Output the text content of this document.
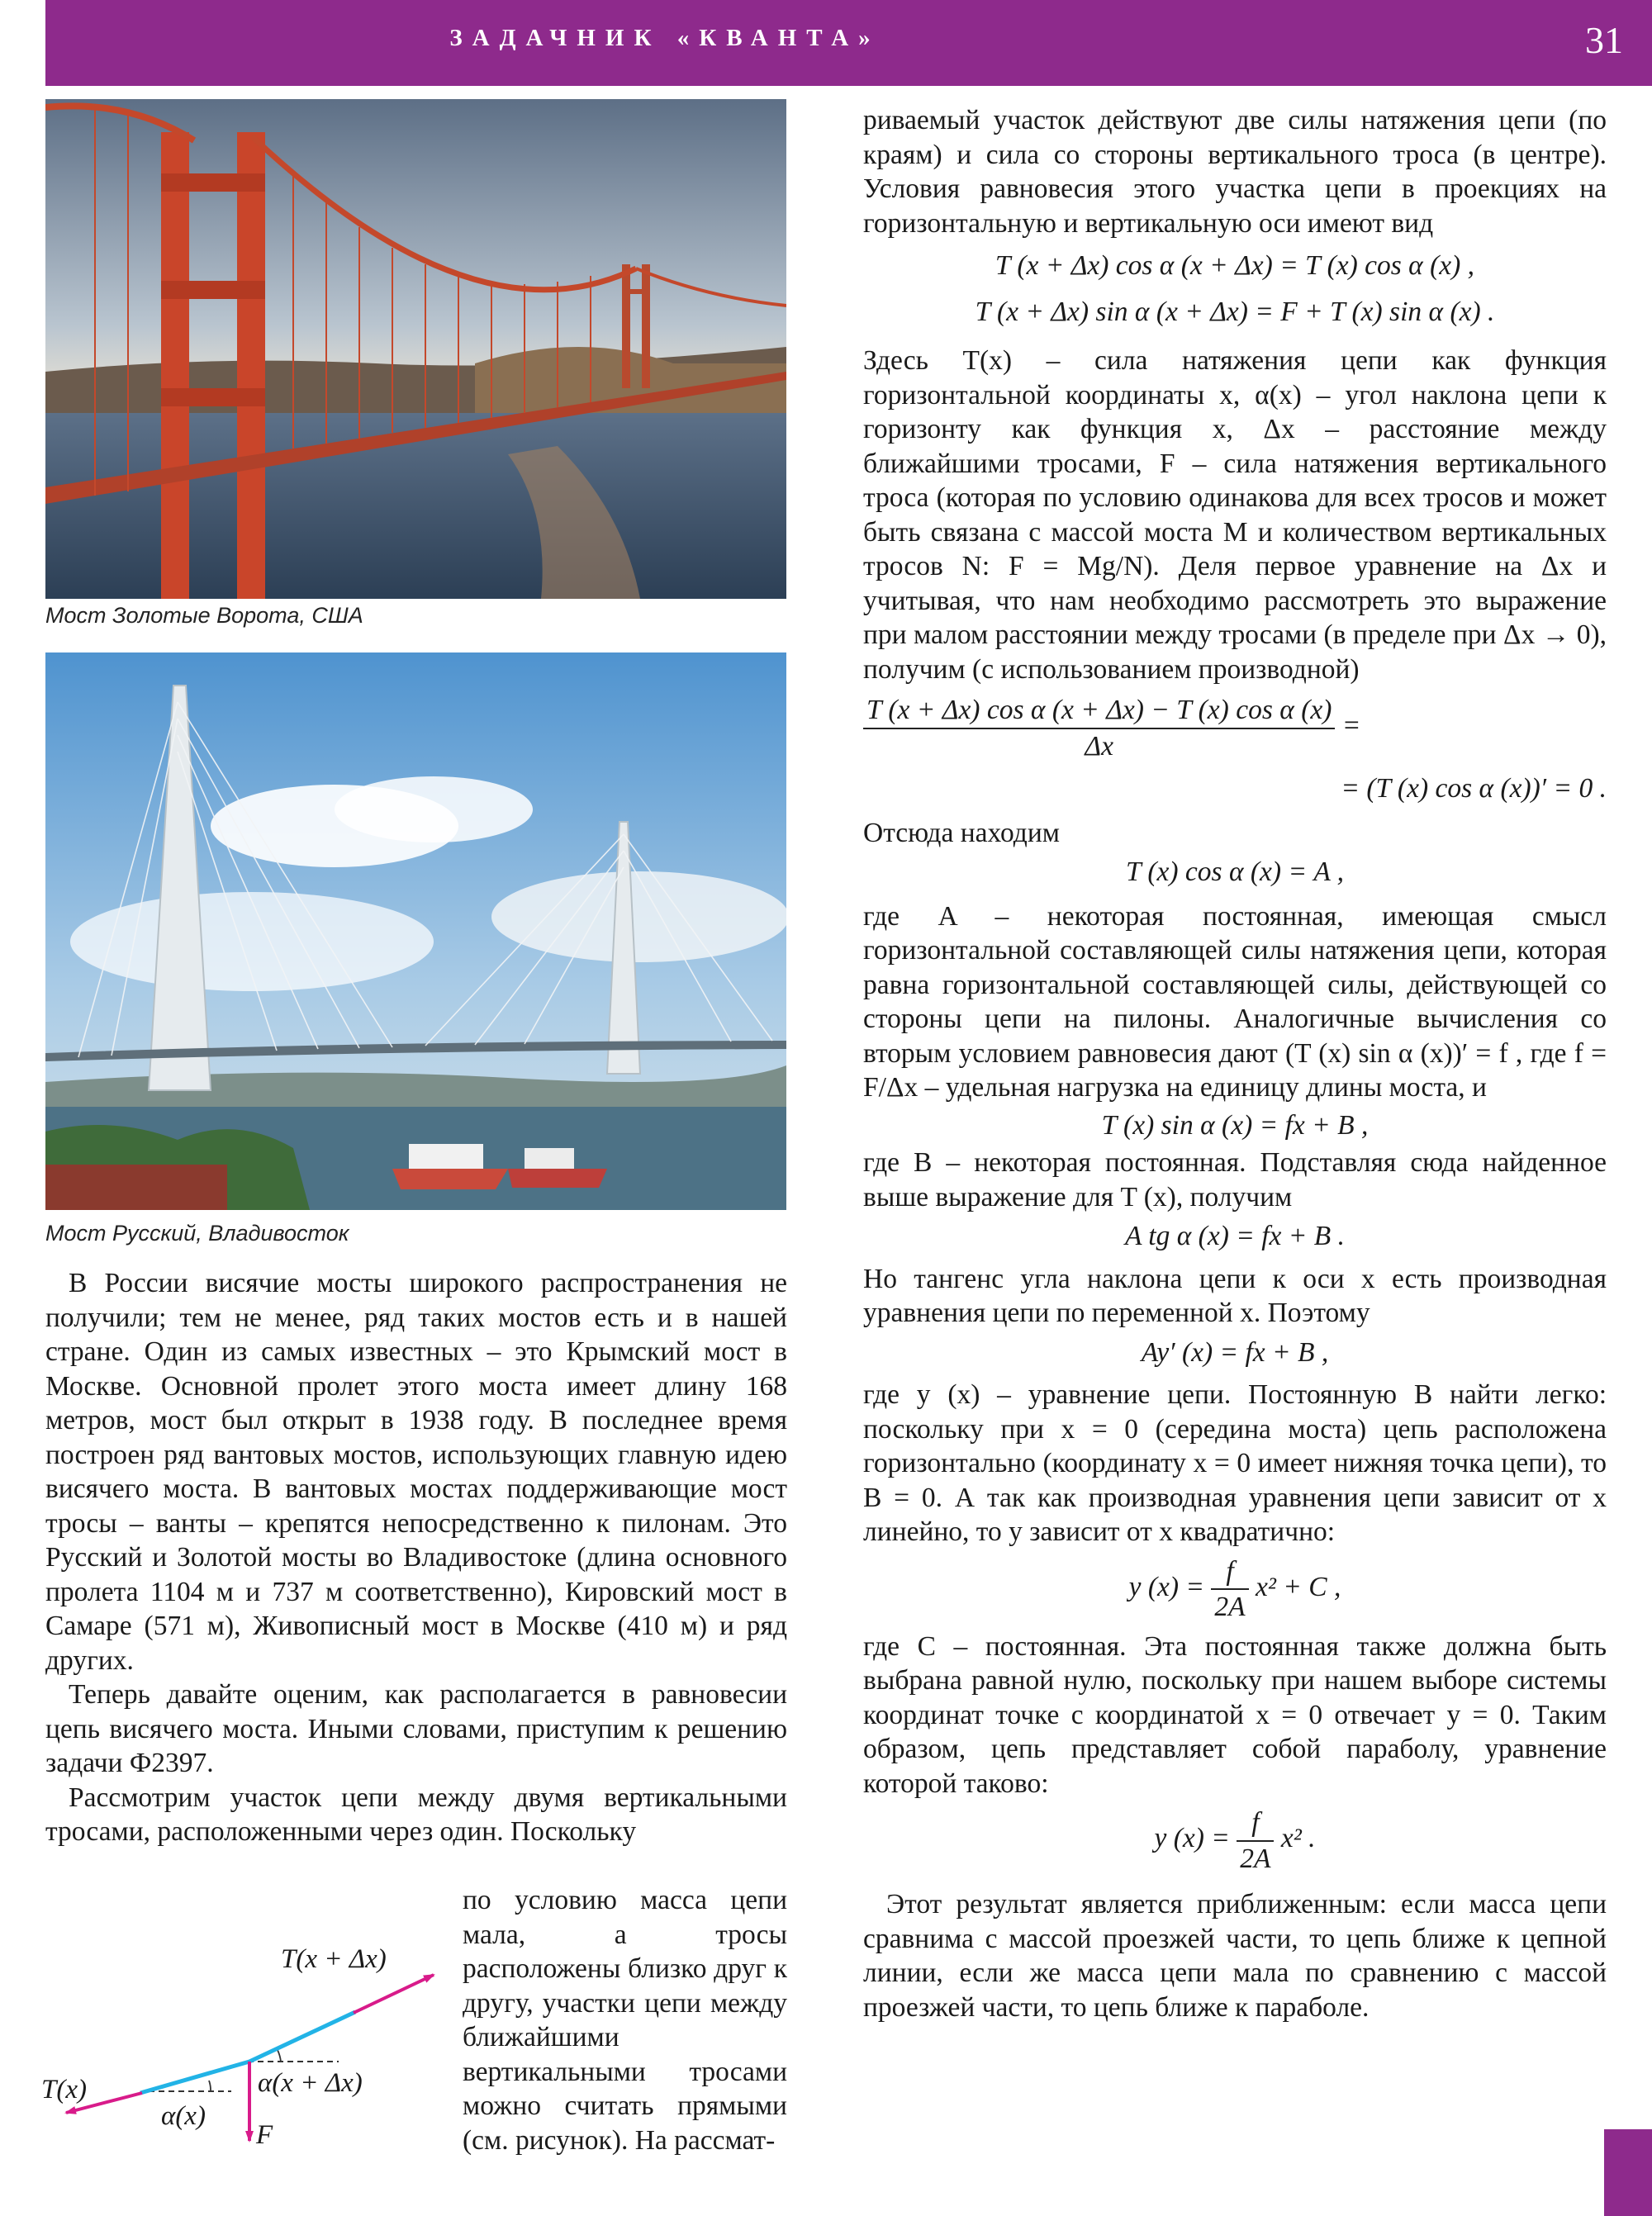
ЗАДАЧНИК «КВАНТА»	31
Мост Золотые Ворота, США
Мост Русский, Владивосток

В России висячие мосты широкого распространения не получили; тем не менее, ряд таких мостов есть и в нашей стране. Один из самых известных – это Крымский мост в Москве. Основной пролет этого моста имеет длину 168 метров, мост был открыт в 1938 году. В последнее время построен ряд вантовых мостов, использующих главную идею висячего моста. В вантовых мостах поддерживающие мост тросы – ванты – крепятся непосредственно к пилонам. Это Русский и Золотой мосты во Владивостоке (длина основного пролета 1104 м и 737 м соответственно), Кировский мост в Самаре (571 м), Живописный мост в Москве (410 м) и ряд других.

Теперь давайте оценим, как располагается в равновесии цепь висячего моста. Иными словами, приступим к решению задачи Ф2397.

Рассмотрим участок цепи между двумя вертикальными тросами, расположенными через один. Поскольку

по условию масса цепи мала, а тросы расположены близко друг к другу, участки цепи между ближайшими вертикальными тросами можно считать прямыми (см. рисунок). На рассмат-
T(x + Δx)
T(x)
α(x)
α(x + Δx)
F

риваемый участок действуют две силы натяжения цепи (по краям) и сила со стороны вертикального троса (в центре). Условия равновесия этого участка цепи в проекциях на горизонтальную и вертикальную оси имеют вид

T (x + Δx) cos α (x + Δx) = T (x) cos α (x) ,
T (x + Δx) sin α (x + Δx) = F + T (x) sin α (x) .

Здесь T(x) – сила натяжения цепи как функция горизонтальной координаты x, α(x) – угол наклона цепи к горизонту как функция x, Δx – расстояние между ближайшими тросами, F – сила натяжения вертикального троса (которая по условию одинакова для всех тросов и может быть связана с массой моста M и количеством вертикальных тросов N: F = Mg/N). Деля первое уравнение на Δx и учитывая, что нам необходимо рассмотреть это выражение при малом расстоянии между тросами (в пределе при Δx → 0), получим (с использованием производной)

$\frac{\text{T (x + Δx) cos α (x + Δx) − T (x) cos α (x)}}{\Delta x}$ =
= (T (x) cos α (x))′ = 0 .

Отсюда находим

T (x) cos α (x) = A ,

где A – некоторая постоянная, имеющая смысл горизонтальной составляющей силы натяжения цепи, которая равна горизонтальной составляющей силы, действующей со стороны цепи на пилоны. Аналогичные вычисления со вторым условием равновесия дают (T (x) sin α (x))′ = f , где f = F/Δx – удельная нагрузка на единицу длины моста, и

T (x) sin α (x) = fx + B ,

где B – некоторая постоянная. Подставляя сюда найденное выше выражение для T (x), получим

A tg α (x) = fx + B .

Но тангенс угла наклона цепи к оси x есть производная уравнения цепи по переменной x. Поэтому

Ay′ (x) = fx + B ,

где y (x) – уравнение цепи. Постоянную B найти легко: поскольку при x = 0 (середина моста) цепь расположена горизонтально (координату x = 0 имеет нижняя точка цепи), то B = 0. А так как производная уравнения цепи зависит от x линейно, то y зависит от x квадратично:

y $(x) = \frac{f}{2A} x^2 + C$ ,

где C – постоянная. Эта постоянная также должна быть выбрана равной нулю, поскольку при нашем выборе системы координат точке с координатой x = 0 отвечает y = 0. Таким образом, цепь представляет собой параболу, уравнение которой таково:

y $(x) = \frac{f}{2A} x^2$ .

Этот результат является приближенным: если масса цепи сравнима с массой проезжей части, то цепь ближе к цепной линии, если же масса цепи мала по сравнению с массой проезжей части, то цепь ближе к параболе.
